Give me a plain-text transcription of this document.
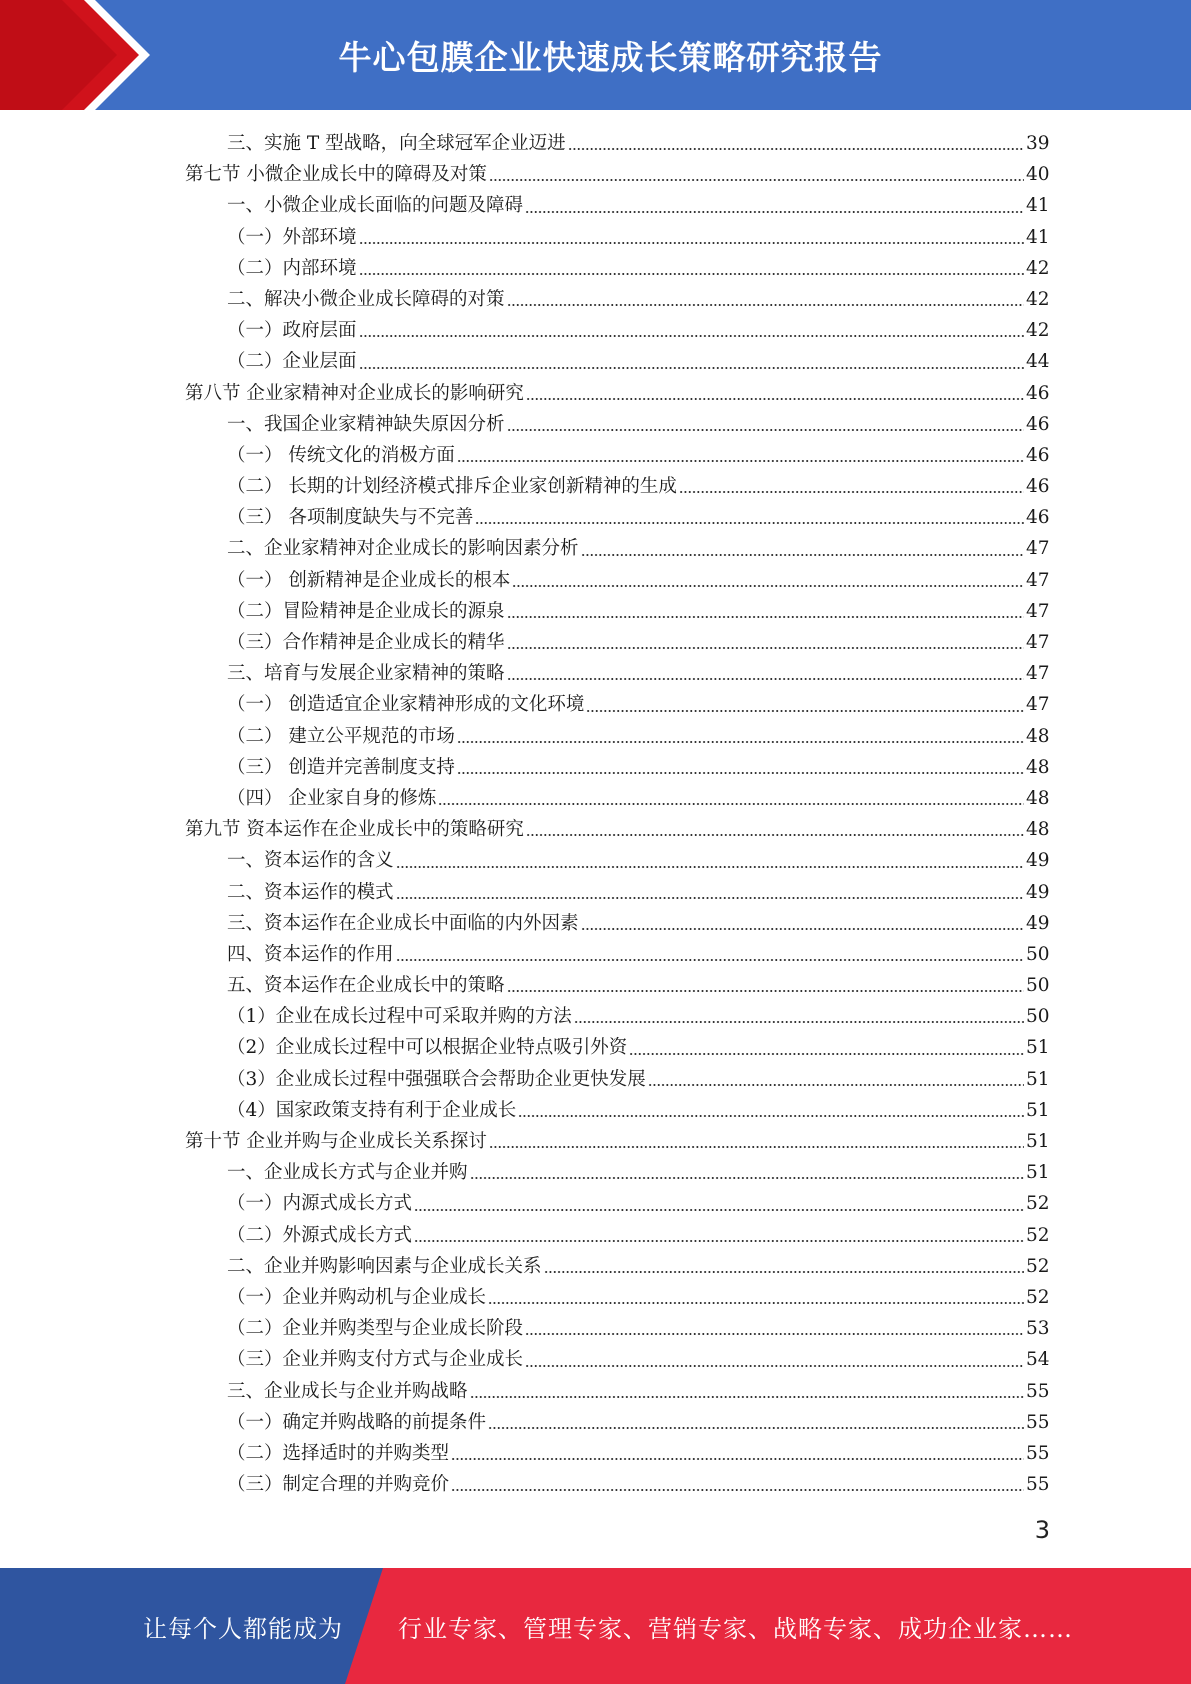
牛心包膜企业快速成长策略研究报告
三、实施 T 型战略，向全球冠军企业迈进	39
第七节 小微企业成长中的障碍及对策	40
一、小微企业成长面临的问题及障碍	41
（一）外部环境	41
（二）内部环境	42
二、解决小微企业成长障碍的对策	42
（一）政府层面	42
（二）企业层面	44
第八节 企业家精神对企业成长的影响研究	46
一、我国企业家精神缺失原因分析	46
（一） 传统文化的消极方面	46
（二） 长期的计划经济模式排斥企业家创新精神的生成	46
（三） 各项制度缺失与不完善	46
二、企业家精神对企业成长的影响因素分析	47
（一） 创新精神是企业成长的根本	47
（二）冒险精神是企业成长的源泉	47
（三）合作精神是企业成长的精华	47
三、培育与发展企业家精神的策略	47
（一） 创造适宜企业家精神形成的文化环境	47
（二） 建立公平规范的市场	48
（三） 创造并完善制度支持	48
（四） 企业家自身的修炼	48
第九节 资本运作在企业成长中的策略研究	48
一、资本运作的含义	49
二、资本运作的模式	49
三、资本运作在企业成长中面临的内外因素	49
四、资本运作的作用	50
五、资本运作在企业成长中的策略	50
（1）企业在成长过程中可采取并购的方法	50
（2）企业成长过程中可以根据企业特点吸引外资	51
（3）企业成长过程中强强联合会帮助企业更快发展	51
（4）国家政策支持有利于企业成长	51
第十节 企业并购与企业成长关系探讨	51
一、企业成长方式与企业并购	51
（一）内源式成长方式	52
（二）外源式成长方式	52
二、企业并购影响因素与企业成长关系	52
（一）企业并购动机与企业成长	52
（二）企业并购类型与企业成长阶段	53
（三）企业并购支付方式与企业成长	54
三、企业成长与企业并购战略	55
（一）确定并购战略的前提条件	55
（二）选择适时的并购类型	55
（三）制定合理的并购竞价	55
3
让每个人都能成为 行业专家、管理专家、营销专家、战略专家、成功企业家……
